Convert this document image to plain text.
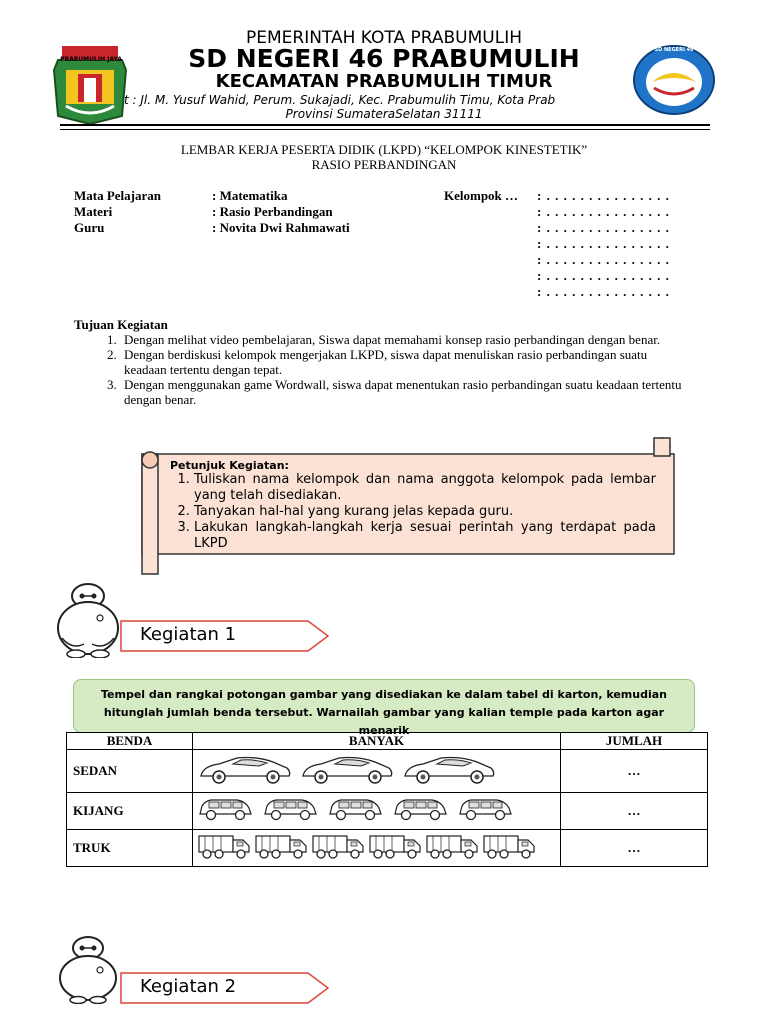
PRABUMULIH JAYA
SD NEGERI 46
PEMERINTAH KOTA PRABUMULIH
SD NEGERI 46 PRABUMULIH
KECAMATAN PRABUMULIH TIMUR
t : Jl. M. Yusuf Wahid, Perum. Sukajadi, Kec. Prabumulih Timu, Kota Prab
Provinsi SumateraSelatan 31111
LEMBAR KERJA PESERTA DIDIK (LKPD) “KELOMPOK KINESTETIK”
RASIO PERBANDINGAN
Mata Pelajaran	: Matematika
Materi	: Rasio Perbandingan
Guru	: Novita Dwi Rahmawati
Kelompok … : . . . . . . . . . . . . . . .
: . . . . . . . . . . . . . . .
: . . . . . . . . . . . . . . .
: . . . . . . . . . . . . . . .
: . . . . . . . . . . . . . . .
: . . . . . . . . . . . . . . .
: . . . . . . . . . . . . . . .
Tujuan Kegiatan
1. Dengan melihat video pembelajaran, Siswa dapat memahami konsep rasio perbandingan dengan benar.
2. Dengan berdiskusi kelompok mengerjakan LKPD, siswa dapat menuliskan rasio perbandingan suatu keadaan tertentu dengan tepat.
3. Dengan menggunakan game Wordwall, siswa dapat menentukan rasio perbandingan suatu keadaan tertentu dengan benar.
Petunjuk Kegiatan:
1. Tuliskan nama kelompok dan nama anggota kelompok pada lembar yang telah disediakan.
2. Tanyakan hal-hal yang kurang jelas kepada guru.
3. Lakukan langkah-langkah kerja sesuai perintah yang terdapat pada LKPD
Kegiatan 1
Tempel dan rangkai potongan gambar yang disediakan ke dalam tabel di karton, kemudian hitunglah jumlah benda tersebut. Warnailah gambar yang kalian temple pada karton agar menarik
BENDA	BANYAK	JUMLAH
SEDAN		…
KIJANG		…
TRUK		…
Kegiatan 2
